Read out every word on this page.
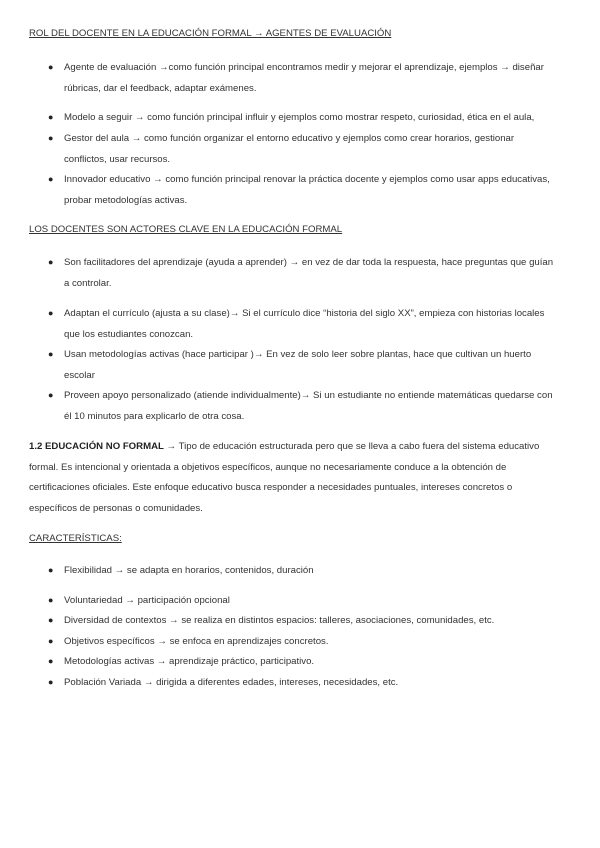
ROL DEL DOCENTE EN LA EDUCACIÓN FORMAL → AGENTES DE EVALUACIÓN
● Agente de evaluación →como función principal encontramos medir y mejorar el aprendizaje, ejemplos → diseñar
rúbricas, dar el feedback, adaptar exámenes.

● Modelo a seguir → como función principal influir y ejemplos como mostrar respeto, curiosidad, ética en el aula,

● Gestor del aula → como función organizar el entorno educativo y ejemplos como crear horarios, gestionar
conflictos, usar recursos.

● Innovador educativo → como función principal renovar la práctica docente y ejemplos como usar apps educativas,
probar metodologías activas.

LOS DOCENTES SON ACTORES CLAVE EN LA EDUCACIÓN FORMAL
● Son facilitadores del aprendizaje (ayuda a aprender) → en vez de dar toda la respuesta, hace preguntas que guían
a controlar.

● Adaptan el currículo (ajusta a su clase)→ Si el currículo dice “historia del siglo XX”, empieza con historias locales
que los estudiantes conozcan.

● Usan metodologías activas (hace participar )→ En vez de solo leer sobre plantas, hace que cultivan un huerto
escolar

● Proveen apoyo personalizado (atiende individualmente)→ Si un estudiante no entiende matemáticas quedarse con
él 10 minutos para explicarlo de otra cosa.

1.2 EDUCACIÓN NO FORMAL → Tipo de educación estructurada pero que se lleva a cabo fuera del sistema educativo
formal. Es intencional y orientada a objetivos específicos, aunque no necesariamente conduce a la obtención de
certificaciones oficiales. Este enfoque educativo busca responder a necesidades puntuales, intereses concretos o
específicos de personas o comunidades.

CARACTERÍSTICAS:
● Flexibilidad → se adapta en horarios, contenidos, duración

● Voluntariedad → participación opcional

● Diversidad de contextos → se realiza en distintos espacios: talleres, asociaciones, comunidades, etc.

● Objetivos específicos → se enfoca en aprendizajes concretos.

● Metodologías activas → aprendizaje práctico, participativo.

● Población Variada → dirigida a diferentes edades, intereses, necesidades, etc.
